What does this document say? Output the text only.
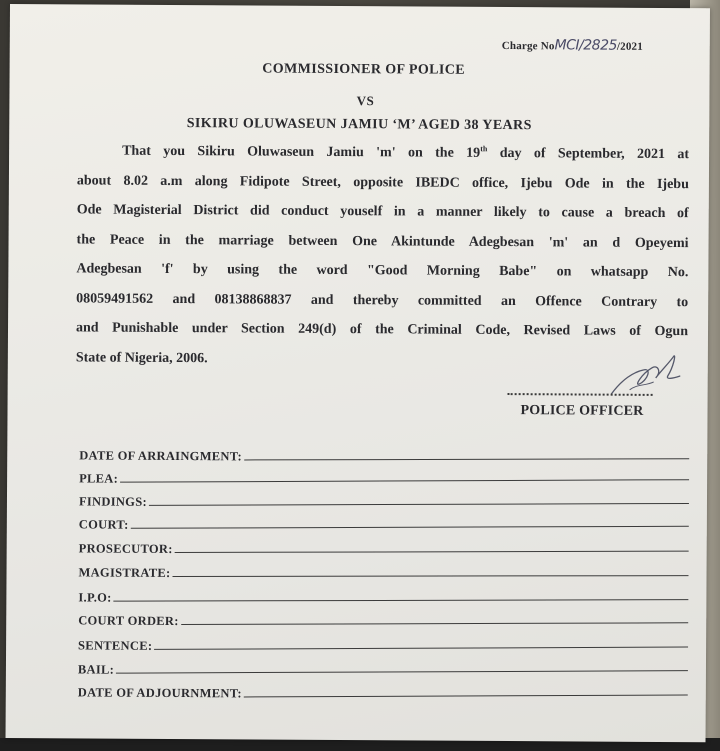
Charge NoMCI/2825/2021
COMMISSIONER OF POLICE
VS
SIKIRU OLUWASEUN JAMIU ‘M’ AGED 38 YEARS
That you Sikiru Oluwaseun Jamiu 'm' on the 19th day of September, 2021 at
about 8.02 a.m along Fidipote Street, opposite IBEDC office, Ijebu Ode in the Ijebu
Ode Magisterial District did conduct youself in a manner likely to cause a breach of
the Peace in the marriage between One Akintunde Adegbesan 'm' an d Opeyemi
Adegbesan 'f' by using the word "Good Morning Babe" on whatsapp No.
08059491562 and 08138868837 and thereby committed an Offence Contrary to
and Punishable under Section 249(d) of the Criminal Code, Revised Laws of Ogun
State of Nigeria, 2006.
POLICE OFFICER
DATE OF ARRAINGMENT:
PLEA:
FINDINGS:
COURT:
PROSECUTOR:
MAGISTRATE:
I.P.O:
COURT ORDER:
SENTENCE:
BAIL:
DATE OF ADJOURNMENT:
